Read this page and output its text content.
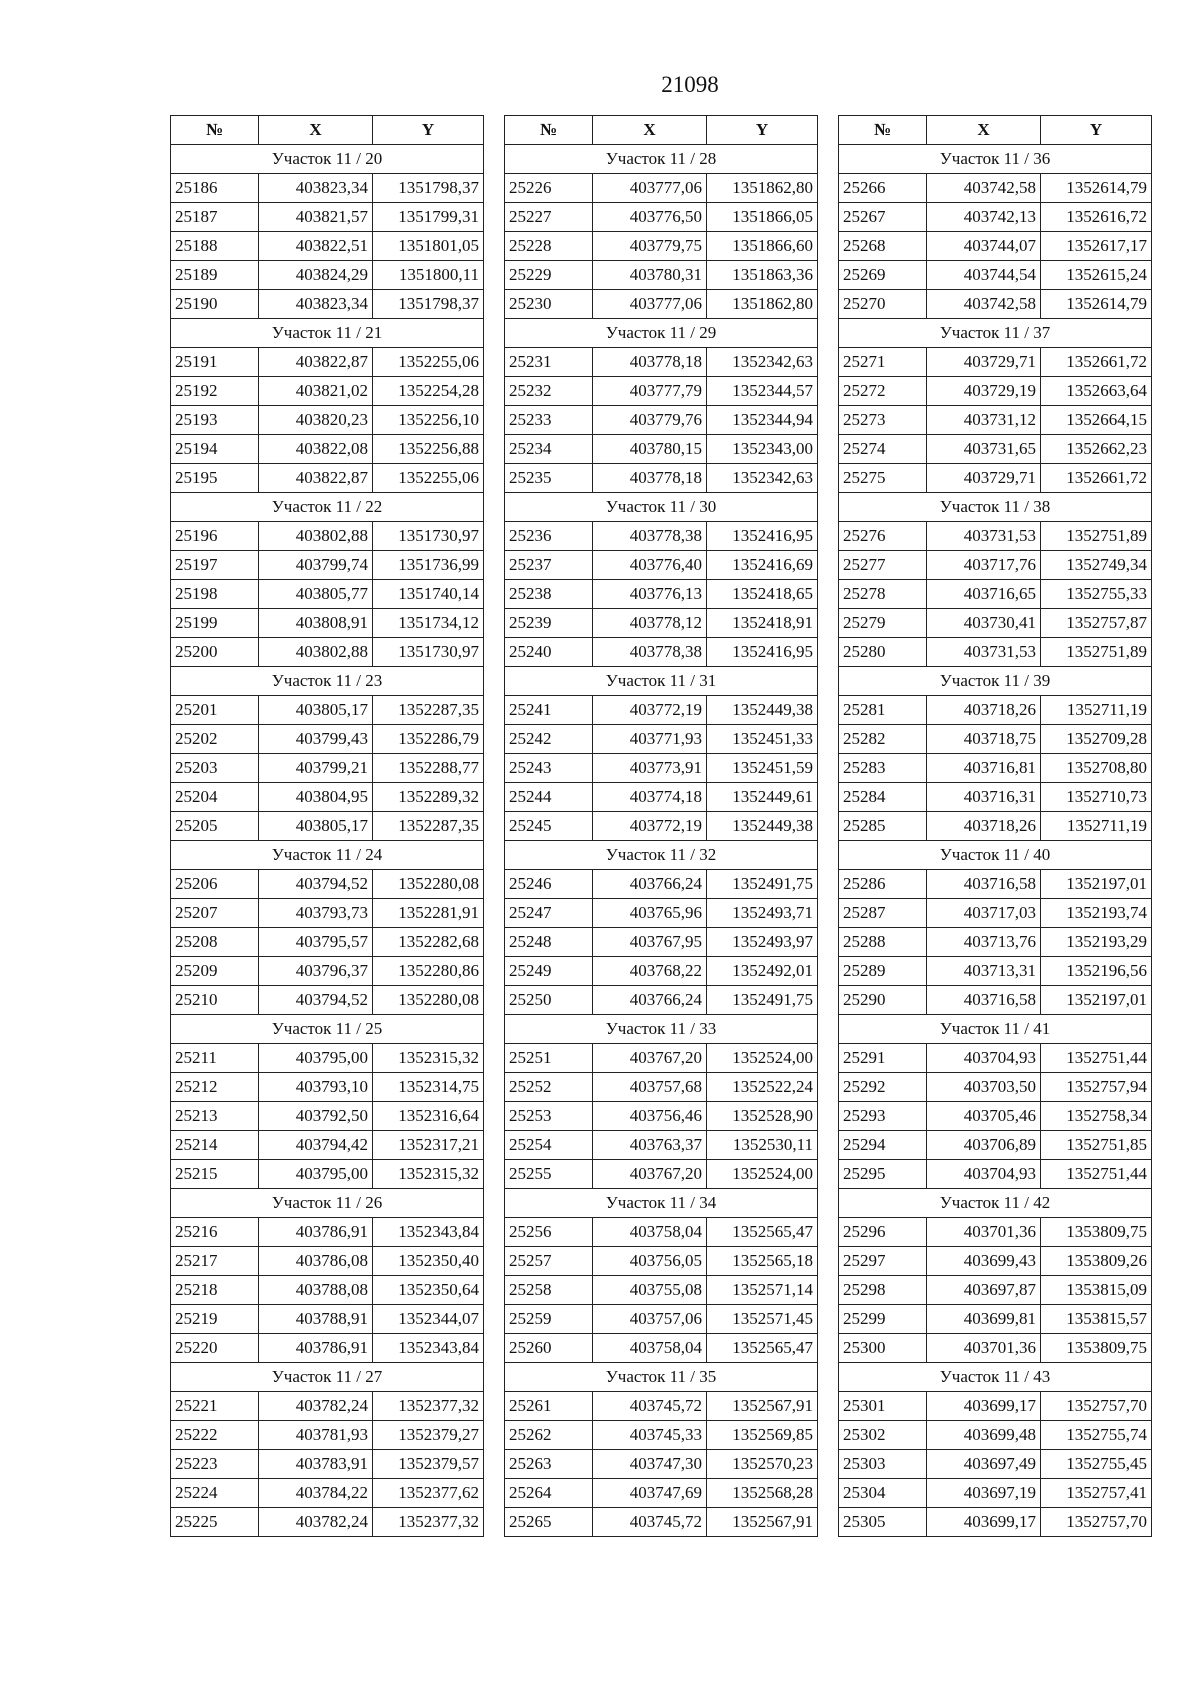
21098
№	X	Y
Участок 11 / 20		
25186	403823,34	1351798,37
25187	403821,57	1351799,31
25188	403822,51	1351801,05
25189	403824,29	1351800,11
25190	403823,34	1351798,37
Участок 11 / 21		
25191	403822,87	1352255,06
25192	403821,02	1352254,28
25193	403820,23	1352256,10
25194	403822,08	1352256,88
25195	403822,87	1352255,06
Участок 11 / 22		
25196	403802,88	1351730,97
25197	403799,74	1351736,99
25198	403805,77	1351740,14
25199	403808,91	1351734,12
25200	403802,88	1351730,97
Участок 11 / 23		
25201	403805,17	1352287,35
25202	403799,43	1352286,79
25203	403799,21	1352288,77
25204	403804,95	1352289,32
25205	403805,17	1352287,35
Участок 11 / 24		
25206	403794,52	1352280,08
25207	403793,73	1352281,91
25208	403795,57	1352282,68
25209	403796,37	1352280,86
25210	403794,52	1352280,08
Участок 11 / 25		
25211	403795,00	1352315,32
25212	403793,10	1352314,75
25213	403792,50	1352316,64
25214	403794,42	1352317,21
25215	403795,00	1352315,32
Участок 11 / 26		
25216	403786,91	1352343,84
25217	403786,08	1352350,40
25218	403788,08	1352350,64
25219	403788,91	1352344,07
25220	403786,91	1352343,84
Участок 11 / 27		
25221	403782,24	1352377,32
25222	403781,93	1352379,27
25223	403783,91	1352379,57
25224	403784,22	1352377,62
25225	403782,24	1352377,32
№	X	Y
Участок 11 / 28		
25226	403777,06	1351862,80
25227	403776,50	1351866,05
25228	403779,75	1351866,60
25229	403780,31	1351863,36
25230	403777,06	1351862,80
Участок 11 / 29		
25231	403778,18	1352342,63
25232	403777,79	1352344,57
25233	403779,76	1352344,94
25234	403780,15	1352343,00
25235	403778,18	1352342,63
Участок 11 / 30		
25236	403778,38	1352416,95
25237	403776,40	1352416,69
25238	403776,13	1352418,65
25239	403778,12	1352418,91
25240	403778,38	1352416,95
Участок 11 / 31		
25241	403772,19	1352449,38
25242	403771,93	1352451,33
25243	403773,91	1352451,59
25244	403774,18	1352449,61
25245	403772,19	1352449,38
Участок 11 / 32		
25246	403766,24	1352491,75
25247	403765,96	1352493,71
25248	403767,95	1352493,97
25249	403768,22	1352492,01
25250	403766,24	1352491,75
Участок 11 / 33		
25251	403767,20	1352524,00
25252	403757,68	1352522,24
25253	403756,46	1352528,90
25254	403763,37	1352530,11
25255	403767,20	1352524,00
Участок 11 / 34		
25256	403758,04	1352565,47
25257	403756,05	1352565,18
25258	403755,08	1352571,14
25259	403757,06	1352571,45
25260	403758,04	1352565,47
Участок 11 / 35		
25261	403745,72	1352567,91
25262	403745,33	1352569,85
25263	403747,30	1352570,23
25264	403747,69	1352568,28
25265	403745,72	1352567,91
№	X	Y
Участок 11 / 36		
25266	403742,58	1352614,79
25267	403742,13	1352616,72
25268	403744,07	1352617,17
25269	403744,54	1352615,24
25270	403742,58	1352614,79
Участок 11 / 37		
25271	403729,71	1352661,72
25272	403729,19	1352663,64
25273	403731,12	1352664,15
25274	403731,65	1352662,23
25275	403729,71	1352661,72
Участок 11 / 38		
25276	403731,53	1352751,89
25277	403717,76	1352749,34
25278	403716,65	1352755,33
25279	403730,41	1352757,87
25280	403731,53	1352751,89
Участок 11 / 39		
25281	403718,26	1352711,19
25282	403718,75	1352709,28
25283	403716,81	1352708,80
25284	403716,31	1352710,73
25285	403718,26	1352711,19
Участок 11 / 40		
25286	403716,58	1352197,01
25287	403717,03	1352193,74
25288	403713,76	1352193,29
25289	403713,31	1352196,56
25290	403716,58	1352197,01
Участок 11 / 41		
25291	403704,93	1352751,44
25292	403703,50	1352757,94
25293	403705,46	1352758,34
25294	403706,89	1352751,85
25295	403704,93	1352751,44
Участок 11 / 42		
25296	403701,36	1353809,75
25297	403699,43	1353809,26
25298	403697,87	1353815,09
25299	403699,81	1353815,57
25300	403701,36	1353809,75
Участок 11 / 43		
25301	403699,17	1352757,70
25302	403699,48	1352755,74
25303	403697,49	1352755,45
25304	403697,19	1352757,41
25305	403699,17	1352757,70
